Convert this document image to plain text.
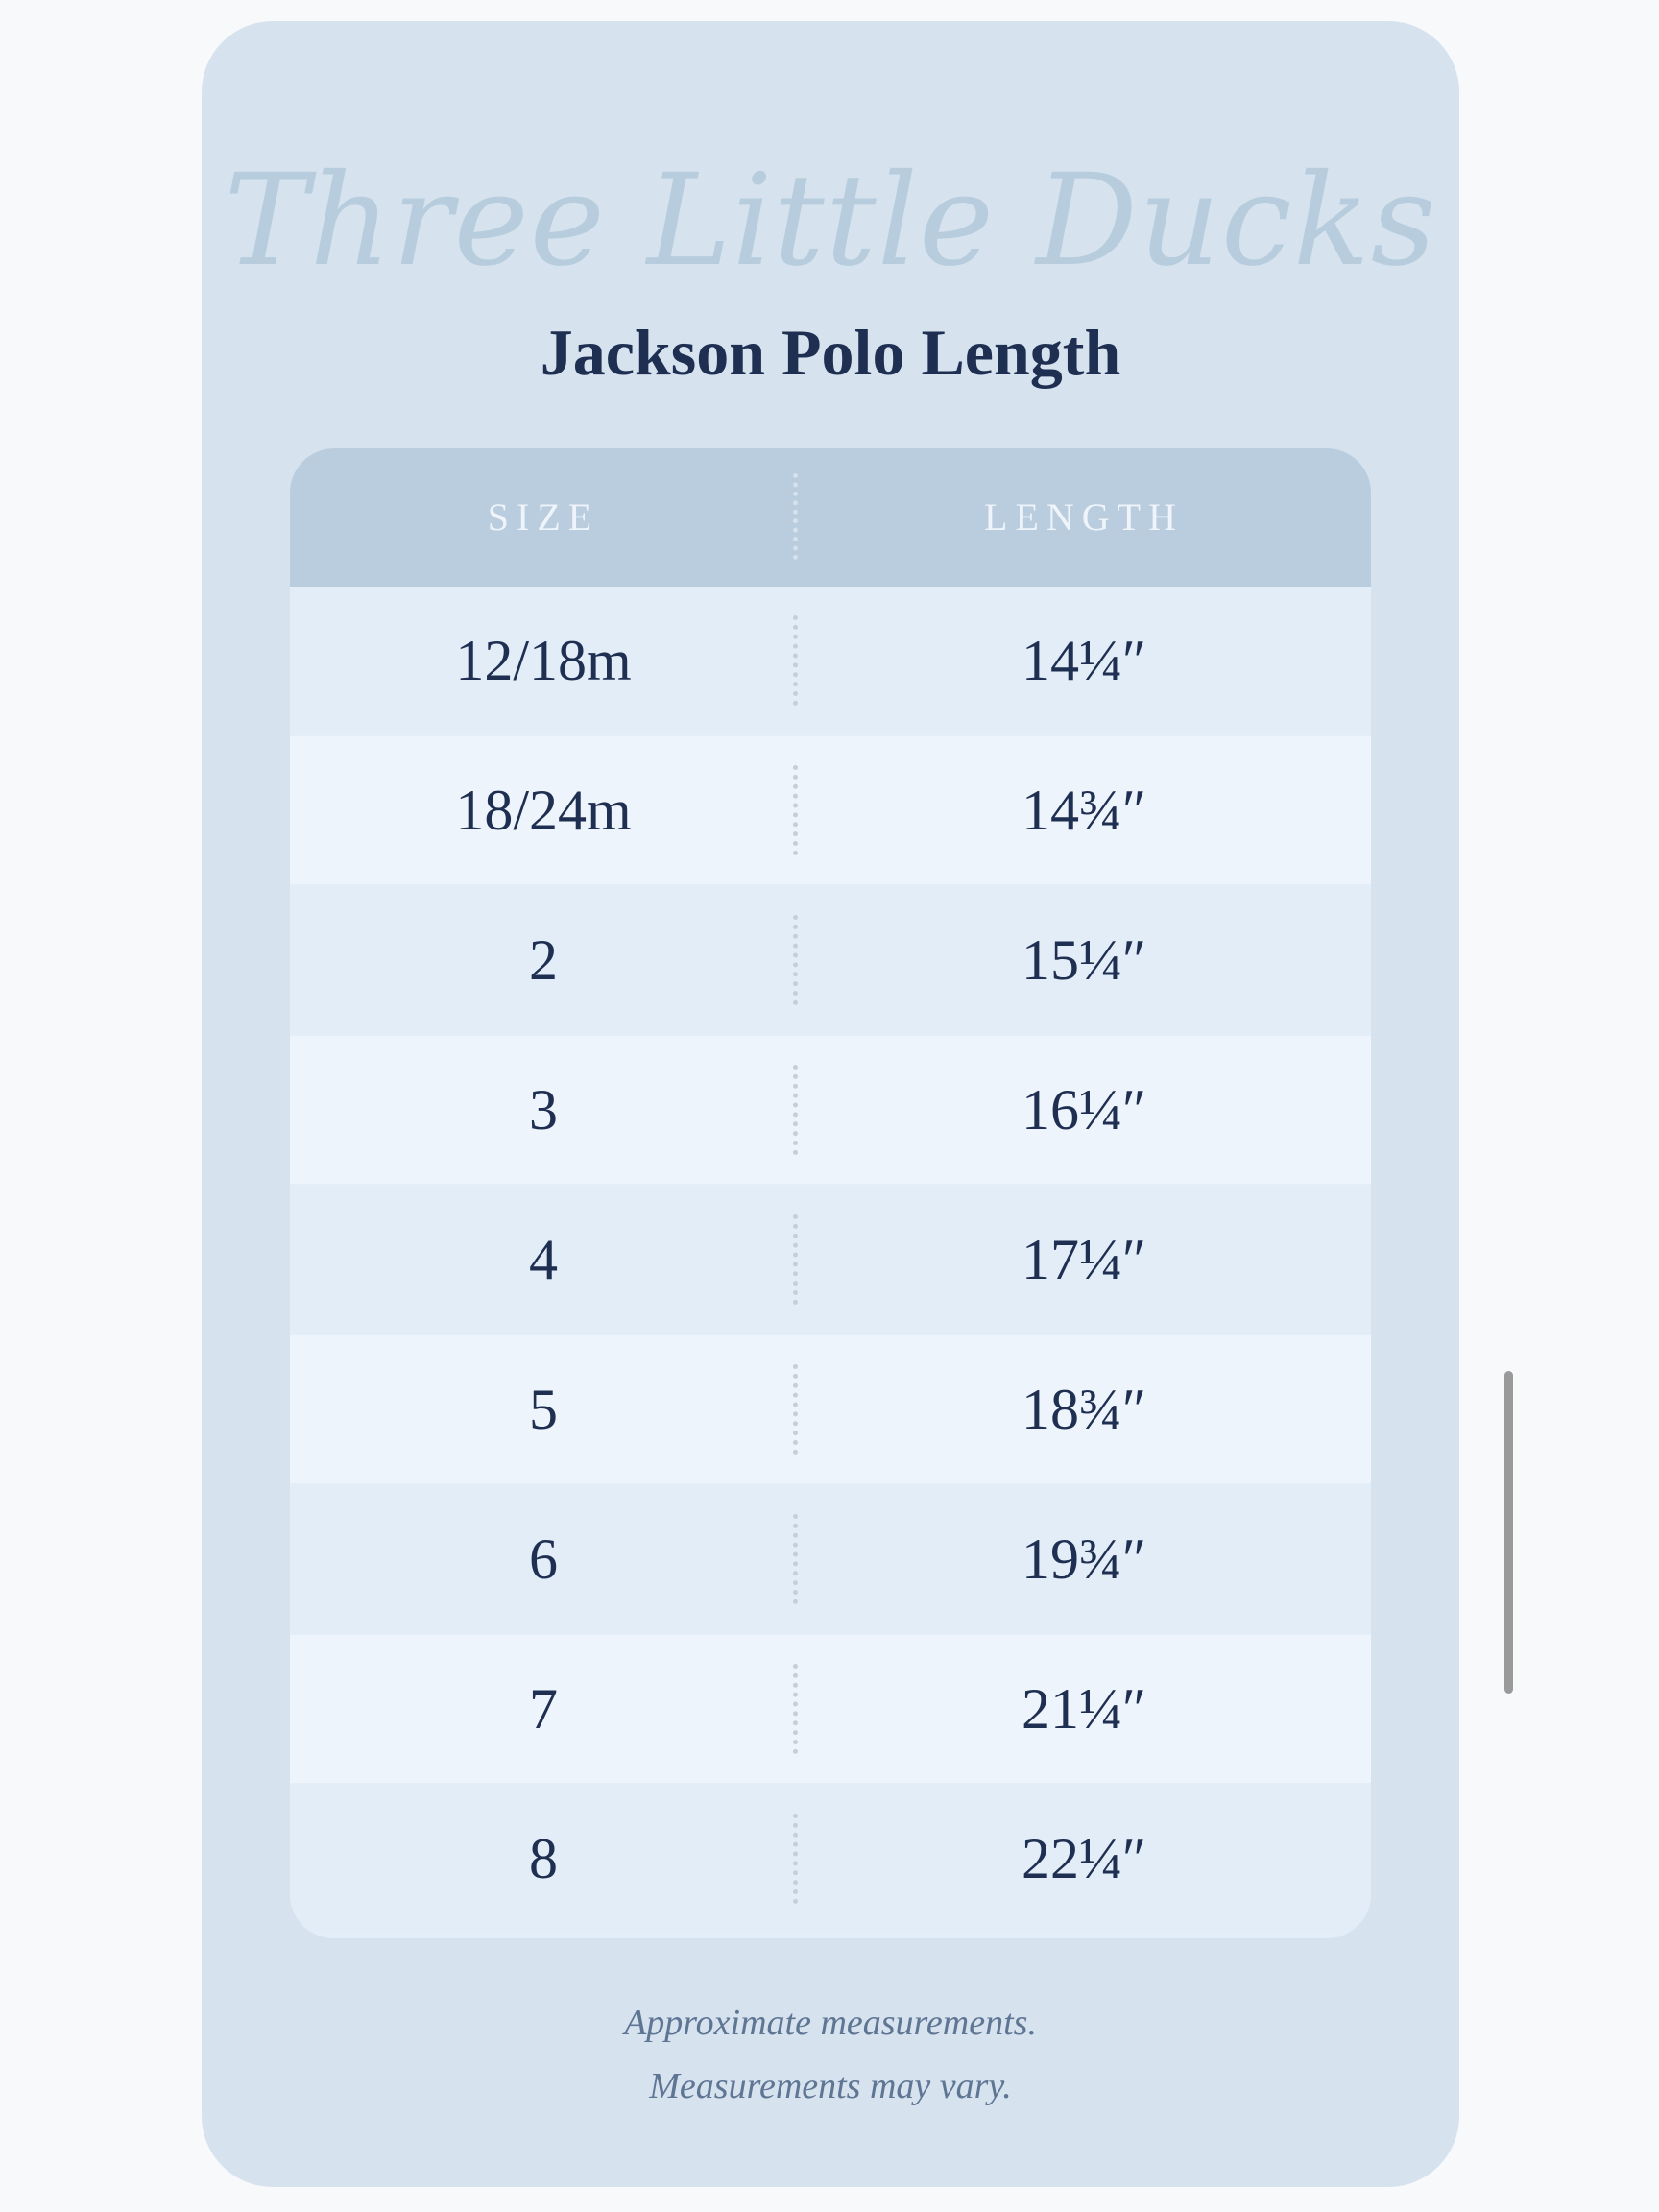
Three Little Ducks
Jackson Polo Length
SIZE	LENGTH
12/18m	14¼″
18/24m	14¾″
2	15¼″
3	16¼″
4	17¼″
5	18¾″
6	19¾″
7	21¼″
8	22¼″
Approximate measurements.
Measurements may vary.
